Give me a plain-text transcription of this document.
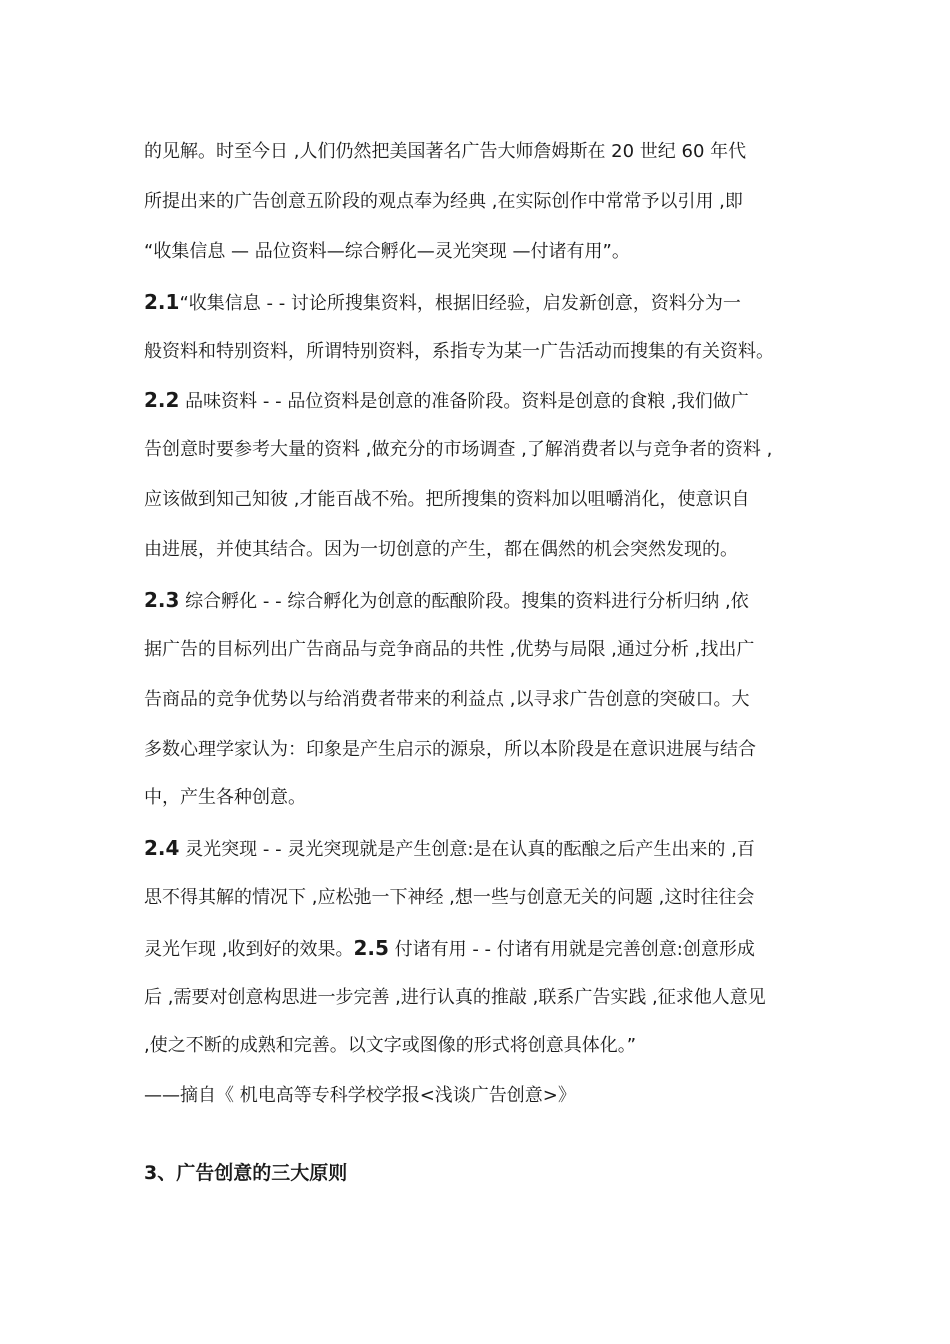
的见解。时至今日 ,人们仍然把美国著名广告大师詹姆斯在 20 世纪 60 年代
所提出来的广告创意五阶段的观点奉为经典 ,在实际创作中常常予以引用 ,即
“收集信息 — 品位资料—综合孵化—灵光突现 —付诸有用”。
2.1“收集信息 - - 讨论所搜集资料，根据旧经验，启发新创意，资料分为一
般资料和特别资料，所谓特别资料，系指专为某一广告活动而搜集的有关资料。
2.2 品味资料 - - 品位资料是创意的准备阶段。资料是创意的食粮 ,我们做广
告创意时要参考大量的资料 ,做充分的市场调查 ,了解消费者以与竞争者的资料 ,
应该做到知己知彼 ,才能百战不殆。把所搜集的资料加以咀嚼消化，使意识自
由进展，并使其结合。因为一切创意的产生，都在偶然的机会突然发现的。
2.3 综合孵化 - - 综合孵化为创意的酝酿阶段。搜集的资料进行分析归纳 ,依
据广告的目标列出广告商品与竞争商品的共性 ,优势与局限 ,通过分析 ,找出广
告商品的竞争优势以与给消费者带来的利益点 ,以寻求广告创意的突破口。大
多数心理学家认为：印象是产生启示的源泉，所以本阶段是在意识进展与结合
中，产生各种创意。
2.4 灵光突现 - - 灵光突现就是产生创意:是在认真的酝酿之后产生出来的 ,百
思不得其解的情况下 ,应松弛一下神经 ,想一些与创意无关的问题 ,这时往往会
灵光乍现 ,收到好的效果。2.5 付诸有用 - - 付诸有用就是完善创意:创意形成
后 ,需要对创意构思进一步完善 ,进行认真的推敲 ,联系广告实践 ,征求他人意见
,使之不断的成熟和完善。以文字或图像的形式将创意具体化。”
——摘自《 机电高等专科学校学报<浅谈广告创意>》
3、广告创意的三大原则
